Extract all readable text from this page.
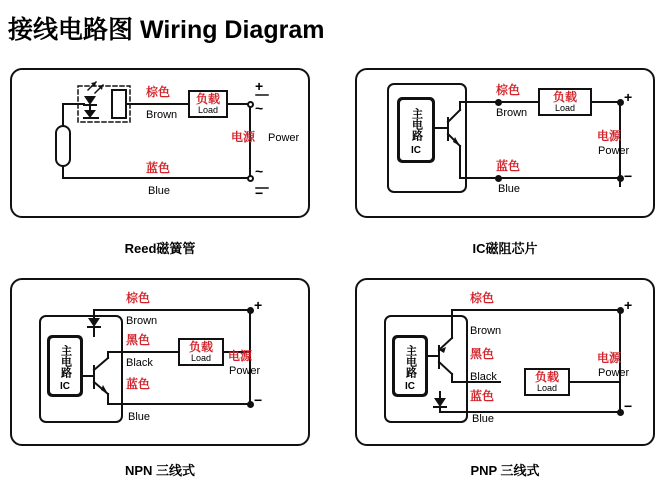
接线电路图 Wiring Diagram
棕色
Brown
蓝色
Blue
负载
Load
+
~
电源 Power
~
−
Reed磁簧管
主电路
IC
棕色
Brown
蓝色
Blue
负载
Load
+
电源
Power
−
IC磁阻芯片
主电路
IC
棕色
Brown
黑色
Black
蓝色
Blue
负载
Load
+
电源
Power
−
NPN 三线式
主电路
IC
棕色
Brown
黑色
Black
蓝色
Blue
负载
Load
+
电源
Power
−
PNP 三线式
